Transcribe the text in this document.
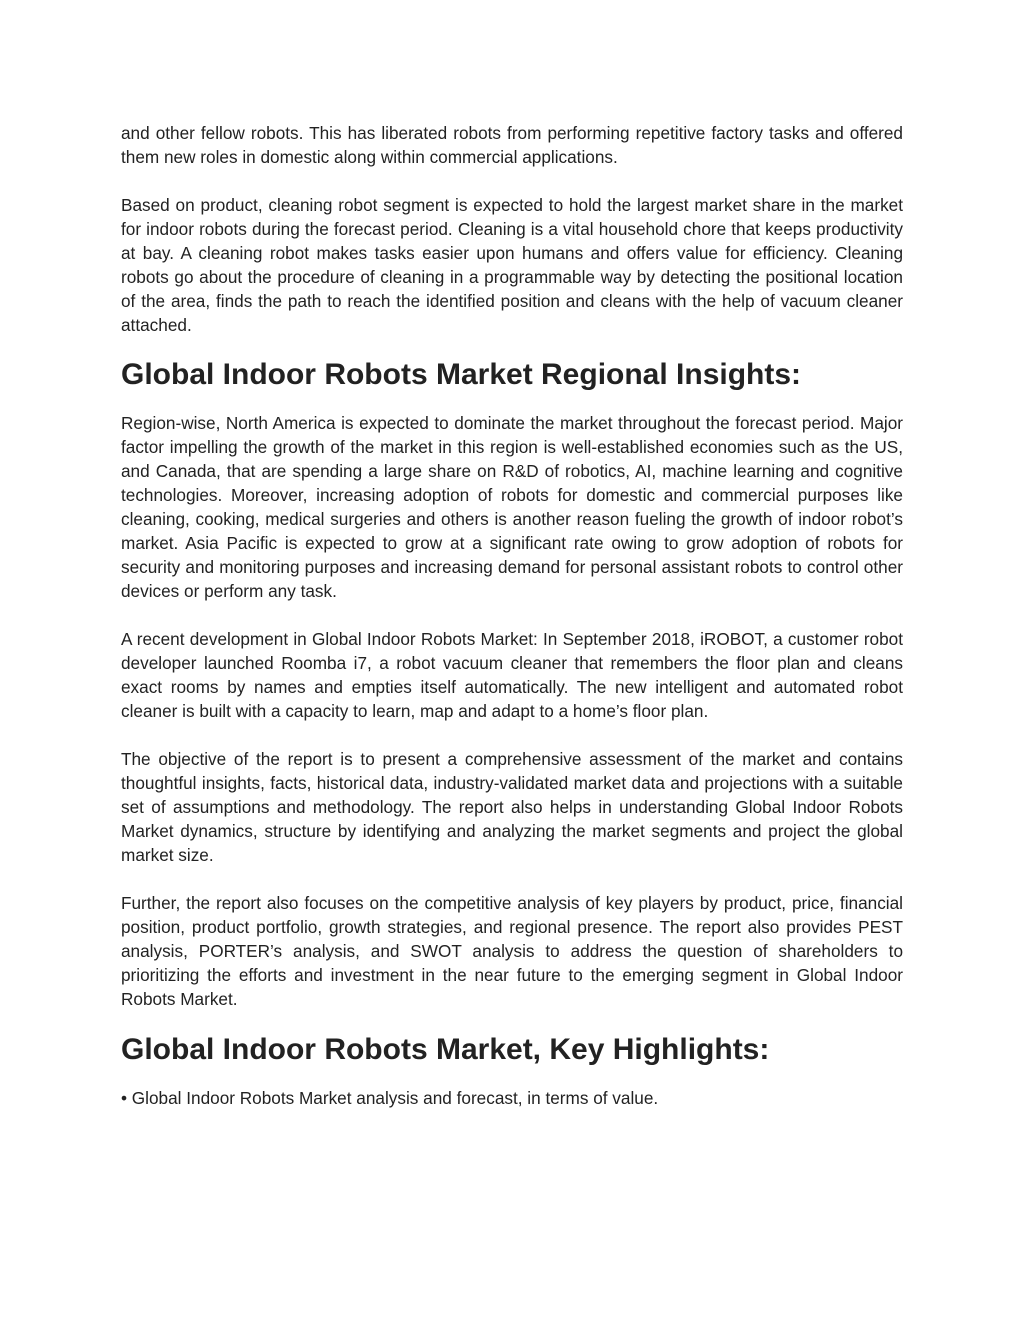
and other fellow robots. This has liberated robots from performing repetitive factory tasks and offered them new roles in domestic along within commercial applications.

Based on product, cleaning robot segment is expected to hold the largest market share in the market for indoor robots during the forecast period. Cleaning is a vital household chore that keeps productivity at bay. A cleaning robot makes tasks easier upon humans and offers value for efficiency. Cleaning robots go about the procedure of cleaning in a programmable way by detecting the positional location of the area, finds the path to reach the identified position and cleans with the help of vacuum cleaner attached.

Global Indoor Robots Market Regional Insights:

Region-wise, North America is expected to dominate the market throughout the forecast period. Major factor impelling the growth of the market in this region is well-established economies such as the US, and Canada, that are spending a large share on R&D of robotics, AI, machine learning and cognitive technologies. Moreover, increasing adoption of robots for domestic and commercial purposes like cleaning, cooking, medical surgeries and others is another reason fueling the growth of indoor robot’s market. Asia Pacific is expected to grow at a significant rate owing to grow adoption of robots for security and monitoring purposes and increasing demand for personal assistant robots to control other devices or perform any task.

A recent development in Global Indoor Robots Market: In September 2018, iROBOT, a customer robot developer launched Roomba i7, a robot vacuum cleaner that remembers the floor plan and cleans exact rooms by names and empties itself automatically. The new intelligent and automated robot cleaner is built with a capacity to learn, map and adapt to a home’s floor plan.

The objective of the report is to present a comprehensive assessment of the market and contains thoughtful insights, facts, historical data, industry-validated market data and projections with a suitable set of assumptions and methodology. The report also helps in understanding Global Indoor Robots Market dynamics, structure by identifying and analyzing the market segments and project the global market size.

Further, the report also focuses on the competitive analysis of key players by product, price, financial position, product portfolio, growth strategies, and regional presence. The report also provides PEST analysis, PORTER’s analysis, and SWOT analysis to address the question of shareholders to prioritizing the efforts and investment in the near future to the emerging segment in Global Indoor Robots Market.

Global Indoor Robots Market, Key Highlights:

• Global Indoor Robots Market analysis and forecast, in terms of value.
